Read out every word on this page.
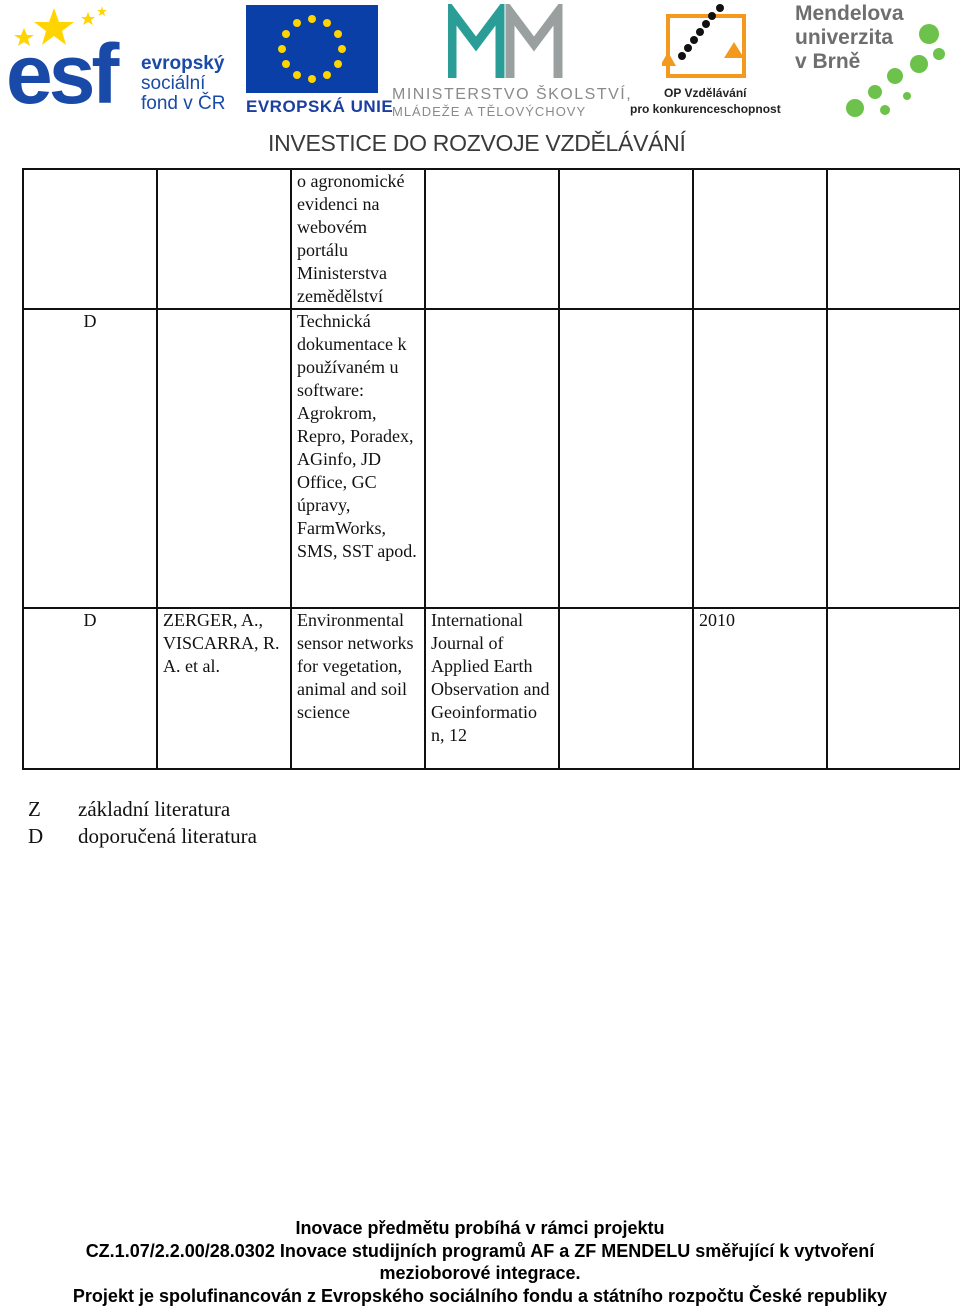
esf evropský
sociální
fond v ČR EVROPSKÁ UNIE
MINISTERSTVO ŠKOLSTVÍ,
MLÁDEŽE A TĚLOVÝCHOVY
OP Vzdělávání
pro konkurenceschopnost
Mendelova
univerzita
v Brně
INVESTICE DO ROZVOJE VZDĚLÁVÁNÍ
		o agronomické evidenci na webovém portálu Ministerstva zemědělství				
D		Technická dokumentace k používaném u software: Agrokrom, Repro, Poradex, AGinfo, JD Office, GC úpravy, FarmWorks, SMS, SST apod.				
D	ZERGER, A., VISCARRA, R. A. et al.	Environmental sensor networks for vegetation, animal and soil science	International Journal of Applied Earth Observation and Geoinformatio n, 12		2010	
Z	základní literatura
D	doporučená literatura
Inovace předmětu probíhá v rámci projektu
CZ.1.07/2.2.00/28.0302 Inovace studijních programů AF a ZF MENDELU směřující k vytvoření
mezioborové integrace.
Projekt je spolufinancován z Evropského sociálního fondu a státního rozpočtu České republiky
